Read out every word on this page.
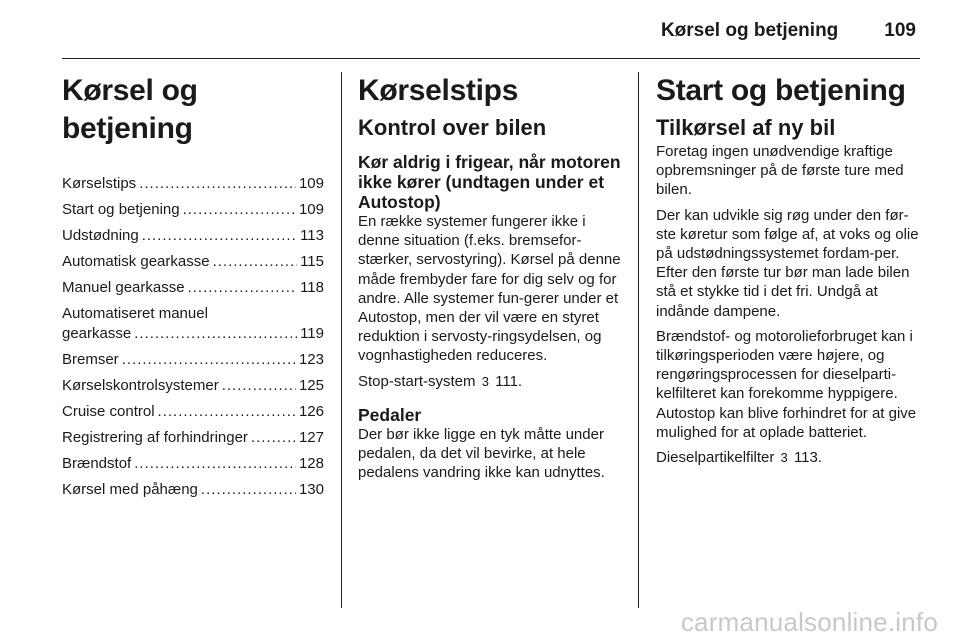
Kørsel og betjening 109
Kørsel og betjening
Kørselstips .....	109
Start og betjening .....	109
Udstødning .....	113
Automatisk gearkasse .....	115
Manuel gearkasse .....	118
Automatiseret manuel
gearkasse .....	119
Bremser .....	123
Kørselskontrolsystemer .....	125
Cruise control .....	126
Registrering af forhindringer .....	127
Brændstof .....	128
Kørsel med påhæng .....	130
Kørselstips
Kontrol over bilen
Kør aldrig i frigear, når motoren ikke kører (undtagen under et Autostop)

En række systemer fungerer ikke i denne situation (f.eks. bremsefor-stærker, servostyring). Kørsel på denne måde frembyder fare for dig selv og for andre. Alle systemer fun-gerer under et Autostop, men der vil være en styret reduktion i servosty-ringsydelsen, og vognhastigheden reduceres.

Stop-start-system 3 111.

Pedaler

Der bør ikke ligge en tyk måtte under pedalen, da det vil bevirke, at hele pedalens vandring ikke kan udnyttes.

Start og betjening
Tilkørsel af ny bil

Foretag ingen unødvendige kraftige opbremsninger på de første ture med bilen.

Der kan udvikle sig røg under den før-ste køretur som følge af, at voks og olie på udstødningssystemet fordam-per. Efter den første tur bør man lade bilen stå et stykke tid i det fri. Undgå at indånde dampene.

Brændstof- og motorolieforbruget kan i tilkøringsperioden være højere, og rengøringsprocessen for dieselparti-kelfilteret kan forekomme hyppigere. Autostop kan blive forhindret for at give mulighed for at oplade batteriet.

Dieselpartikelfilter 3 113.

carmanualsonline.info
